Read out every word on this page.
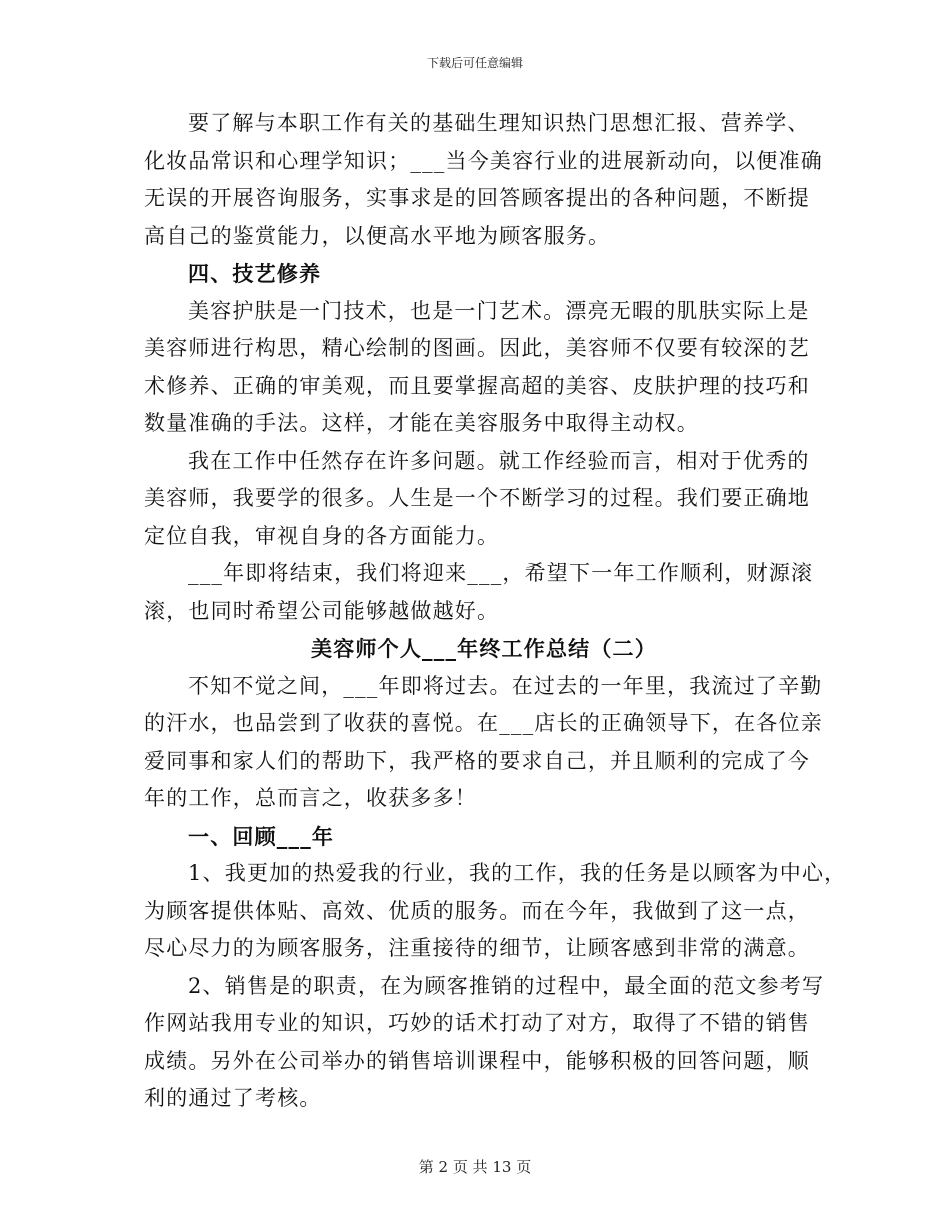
下载后可任意编辑
要了解与本职工作有关的基础生理知识热门思想汇报、营养学、
化妆品常识和心理学知识；___当今美容行业的进展新动向，以便准确
无误的开展咨询服务，实事求是的回答顾客提出的各种问题，不断提
高自己的鉴赏能力，以便高水平地为顾客服务。
四、技艺修养
美容护肤是一门技术，也是一门艺术。漂亮无暇的肌肤实际上是
美容师进行构思，精心绘制的图画。因此，美容师不仅要有较深的艺
术修养、正确的审美观，而且要掌握高超的美容、皮肤护理的技巧和
数量准确的手法。这样，才能在美容服务中取得主动权。
我在工作中任然存在许多问题。就工作经验而言，相对于优秀的
美容师，我要学的很多。人生是一个不断学习的过程。我们要正确地
定位自我，审视自身的各方面能力。
___年即将结束，我们将迎来___，希望下一年工作顺利，财源滚
滚，也同时希望公司能够越做越好。
美容师个人___年终工作总结（二）
不知不觉之间，___年即将过去。在过去的一年里，我流过了辛勤
的汗水，也品尝到了收获的喜悦。在___店长的正确领导下，在各位亲
爱同事和家人们的帮助下，我严格的要求自己，并且顺利的完成了今
年的工作，总而言之，收获多多！
一、回顾___年
1、我更加的热爱我的行业，我的工作，我的任务是以顾客为中心，
为顾客提供体贴、高效、优质的服务。而在今年，我做到了这一点，
尽心尽力的为顾客服务，注重接待的细节，让顾客感到非常的满意。
2、销售是的职责，在为顾客推销的过程中，最全面的范文参考写
作网站我用专业的知识，巧妙的话术打动了对方，取得了不错的销售
成绩。另外在公司举办的销售培训课程中，能够积极的回答问题，顺
利的通过了考核。
第 2 页 共 13 页
